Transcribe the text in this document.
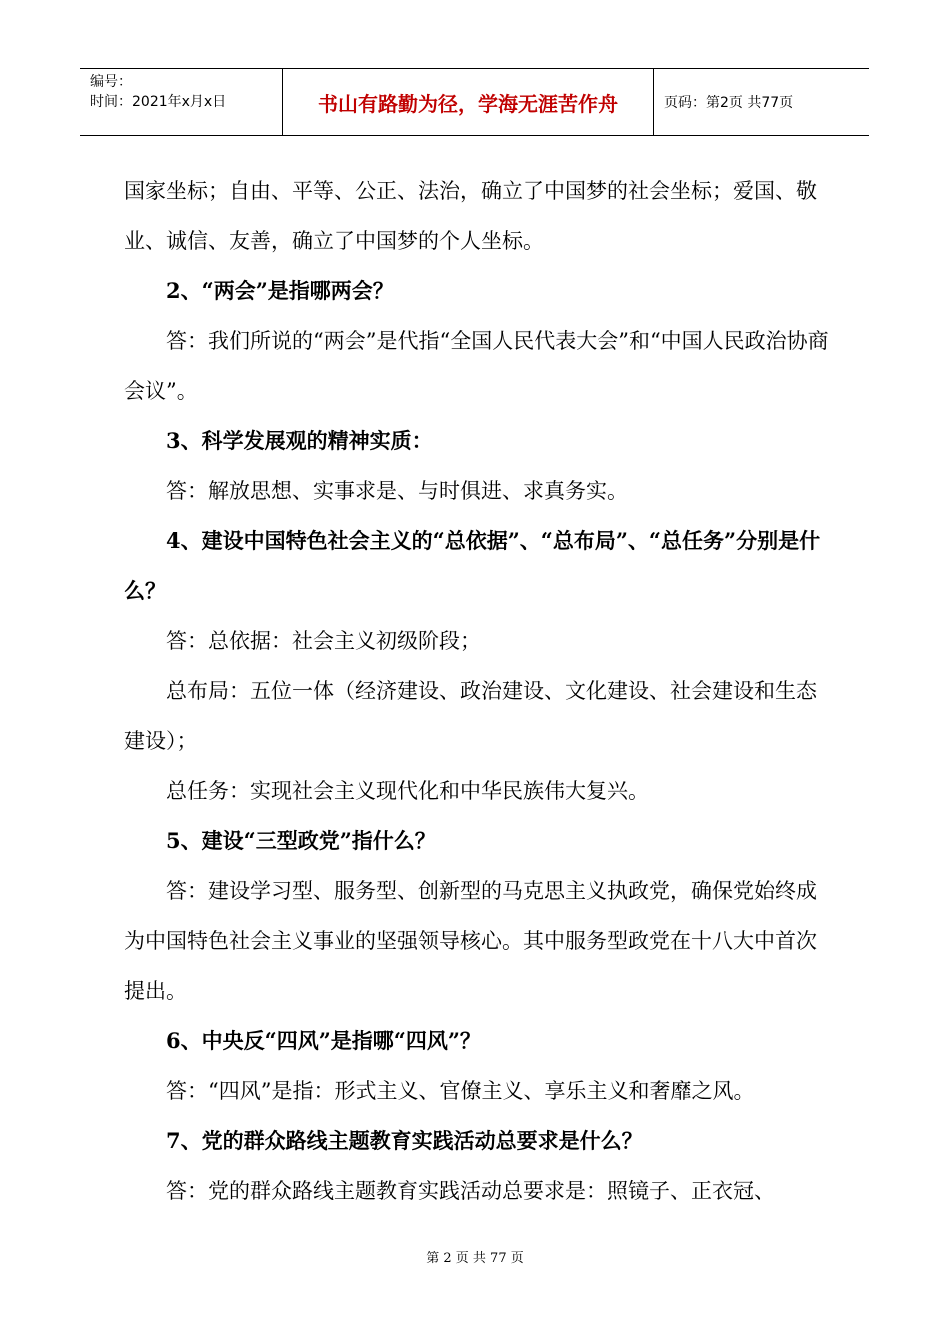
编号：
时间：2021年x月x日	书山有路勤为径，学海无涯苦作舟	页码：第2页 共77页

国家坐标；自由、平等、公正、法治，确立了中国梦的社会坐标；爱国、敬业、诚信、友善，确立了中国梦的个人坐标。

2、“两会”是指哪两会？

答：我们所说的“两会”是代指“全国人民代表大会”和“中国人民政治协商会议”。

3、科学发展观的精神实质：

答：解放思想、实事求是、与时俱进、求真务实。

4、建设中国特色社会主义的“总依据”、“总布局”、“总任务”分别是什么？

答：总依据：社会主义初级阶段；

总布局：五位一体（经济建设、政治建设、文化建设、社会建设和生态建设）；

总任务：实现社会主义现代化和中华民族伟大复兴。

5、建设“三型政党”指什么？

答：建设学习型、服务型、创新型的马克思主义执政党，确保党始终成为中国特色社会主义事业的坚强领导核心。其中服务型政党在十八大中首次提出。

6、中央反“四风”是指哪“四风”？

答：“四风”是指：形式主义、官僚主义、享乐主义和奢靡之风。

7、党的群众路线主题教育实践活动总要求是什么？

答：党的群众路线主题教育实践活动总要求是：照镜子、正衣冠、

第 2 页 共 77 页
